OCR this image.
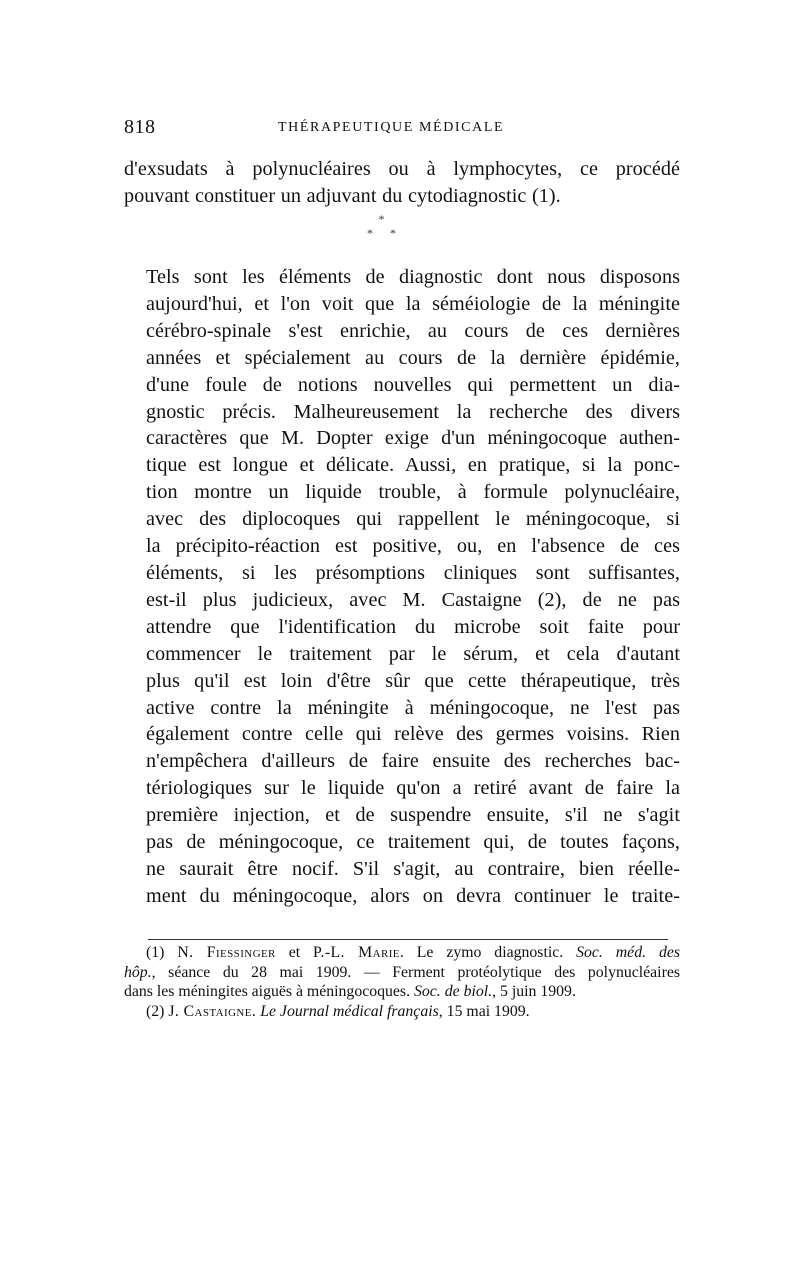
818	THÉRAPEUTIQUE MÉDICALE
d'exsudats à polynucléaires ou à lymphocytes, ce procédé
pouvant constituer un adjuvant du cytodiagnostic (1).
*
* *
Tels sont les éléments de diagnostic dont nous disposons
aujourd'hui, et l'on voit que la séméiologie de la méningite
cérébro-spinale s'est enrichie, au cours de ces dernières
années et spécialement au cours de la dernière épidémie,
d'une foule de notions nouvelles qui permettent un dia-
gnostic précis. Malheureusement la recherche des divers
caractères que M. Dopter exige d'un méningocoque authen-
tique est longue et délicate. Aussi, en pratique, si la ponc-
tion montre un liquide trouble, à formule polynucléaire,
avec des diplocoques qui rappellent le méningocoque, si
la précipito-réaction est positive, ou, en l'absence de ces
éléments, si les présomptions cliniques sont suffisantes,
est-il plus judicieux, avec M. Castaigne (2), de ne pas
attendre que l'identification du microbe soit faite pour
commencer le traitement par le sérum, et cela d'autant
plus qu'il est loin d'être sûr que cette thérapeutique, très
active contre la méningite à méningocoque, ne l'est pas
également contre celle qui relève des germes voisins. Rien
n'empêchera d'ailleurs de faire ensuite des recherches bac-
tériologiques sur le liquide qu'on a retiré avant de faire la
première injection, et de suspendre ensuite, s'il ne s'agit
pas de méningocoque, ce traitement qui, de toutes façons,
ne saurait être nocif. S'il s'agit, au contraire, bien réelle-
ment du méningocoque, alors on devra continuer le traite-
(1) N. Fiessinger et P.-L. Marie. Le zymo diagnostic. Soc. méd. des
hôp., séance du 28 mai 1909. — Ferment protéolytique des polynucléaires
dans les méningites aiguës à méningocoques. Soc. de biol., 5 juin 1909.
(2) J. Castaigne. Le Journal médical français, 15 mai 1909.
